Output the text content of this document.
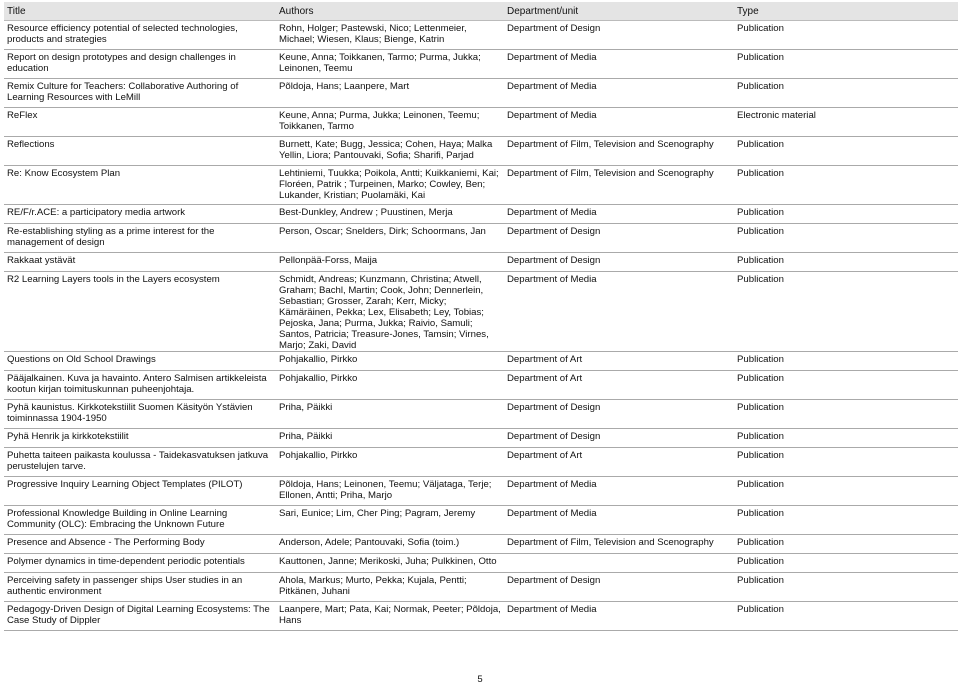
Title	Authors	Department/unit	Type
Resource efficiency potential of selected technologies, products and strategies	Rohn, Holger; Pastewski, Nico; Lettenmeier, Michael; Wiesen, Klaus; Bienge, Katrin	Department of Design	Publication
Report on design prototypes and design challenges in education	Keune, Anna; Toikkanen, Tarmo; Purma, Jukka; Leinonen, Teemu	Department of Media	Publication
Remix Culture for Teachers: Collaborative Authoring of Learning Resources with LeMill	Põldoja, Hans; Laanpere, Mart	Department of Media	Publication
ReFlex	Keune, Anna; Purma, Jukka; Leinonen, Teemu; Toikkanen, Tarmo	Department of Media	Electronic material
Reflections	Burnett, Kate; Bugg, Jessica; Cohen, Haya; Malka Yellin, Liora; Pantouvaki, Sofia; Sharifi, Parjad	Department of Film, Television and Scenography	Publication
Re: Know Ecosystem Plan	Lehtiniemi, Tuukka; Poikola, Antti; Kuikkaniemi, Kai; Floréen, Patrik ; Turpeinen, Marko; Cowley, Ben; Lukander, Kristian; Puolamäki, Kai	Department of Film, Television and Scenography	Publication
RE/F/r.ACE: a participatory media artwork	Best-Dunkley, Andrew ; Puustinen, Merja	Department of Media	Publication
Re-establishing styling as a prime interest for the management of design	Person, Oscar; Snelders, Dirk; Schoormans, Jan	Department of Design	Publication
Rakkaat ystävät	Pellonpää-Forss, Maija	Department of Design	Publication
R2 Learning Layers tools in the Layers ecosystem	Schmidt, Andreas; Kunzmann, Christina; Atwell, Graham; Bachl, Martin; Cook, John; Dennerlein, Sebastian; Grosser, Zarah; Kerr, Micky; Kämäräinen, Pekka; Lex, Elisabeth; Ley, Tobias; Pejoska, Jana; Purma, Jukka; Raivio, Samuli; Santos, Patricia; Treasure-Jones, Tamsin; Virnes, Marjo; Zaki, David	Department of Media	Publication
Questions on Old School Drawings	Pohjakallio, Pirkko	Department of Art	Publication
Pääjalkainen. Kuva ja havainto. Antero Salmisen artikkeleista kootun kirjan toimituskunnan puheenjohtaja.	Pohjakallio, Pirkko	Department of Art	Publication
Pyhä kaunistus. Kirkkotekstiilit Suomen Käsityön Ystävien toiminnassa 1904-1950	Priha, Päikki	Department of Design	Publication
Pyhä Henrik ja kirkkotekstiilit	Priha, Päikki	Department of Design	Publication
Puhetta taiteen paikasta koulussa - Taidekasvatuksen jatkuva perustelujen tarve.	Pohjakallio, Pirkko	Department of Art	Publication
Progressive Inquiry Learning Object Templates (PILOT)	Põldoja, Hans; Leinonen, Teemu; Väljataga, Terje; Ellonen, Antti; Priha, Marjo	Department of Media	Publication
Professional Knowledge Building in Online Learning Community (OLC): Embracing the Unknown Future	Sari, Eunice; Lim, Cher Ping; Pagram, Jeremy	Department of Media	Publication
Presence and Absence - The Performing Body	Anderson, Adele; Pantouvaki, Sofia (toim.)	Department of Film, Television and Scenography	Publication
Polymer dynamics in time-dependent periodic potentials	Kauttonen, Janne; Merikoski, Juha; Pulkkinen, Otto		Publication
Perceiving safety in passenger ships User studies in an authentic environment	Ahola, Markus; Murto, Pekka; Kujala, Pentti; Pitkänen, Juhani	Department of Design	Publication
Pedagogy-Driven Design of Digital Learning Ecosystems: The Case Study of Dippler	Laanpere, Mart; Pata, Kai; Normak, Peeter; Põldoja, Hans	Department of Media	Publication
5
